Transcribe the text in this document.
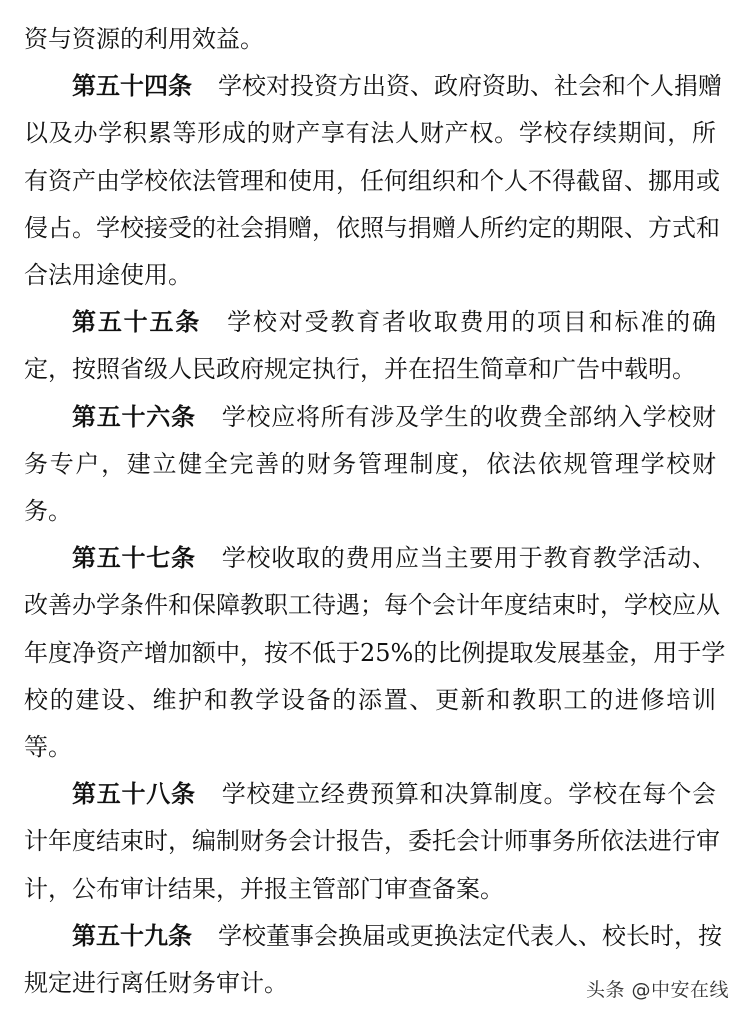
资与资源的利用效益。
第五十四条 学校对投资方出资、政府资助、社会和个人捐赠
以及办学积累等形成的财产享有法人财产权。学校存续期间，所
有资产由学校依法管理和使用，任何组织和个人不得截留、挪用或
侵占。学校接受的社会捐赠，依照与捐赠人所约定的期限、方式和
合法用途使用。
第五十五条 学校对受教育者收取费用的项目和标准的确
定，按照省级人民政府规定执行，并在招生简章和广告中载明。
第五十六条 学校应将所有涉及学生的收费全部纳入学校财
务专户，建立健全完善的财务管理制度，依法依规管理学校财
务。
第五十七条 学校收取的费用应当主要用于教育教学活动、
改善办学条件和保障教职工待遇；每个会计年度结束时，学校应从
年度净资产增加额中，按不低于25%的比例提取发展基金，用于学
校的建设、维护和教学设备的添置、更新和教职工的进修培训
等。
第五十八条 学校建立经费预算和决算制度。学校在每个会
计年度结束时，编制财务会计报告，委托会计师事务所依法进行审
计，公布审计结果，并报主管部门审查备案。
第五十九条 学校董事会换届或更换法定代表人、校长时，按
规定进行离任财务审计。	头条 @中安在线
